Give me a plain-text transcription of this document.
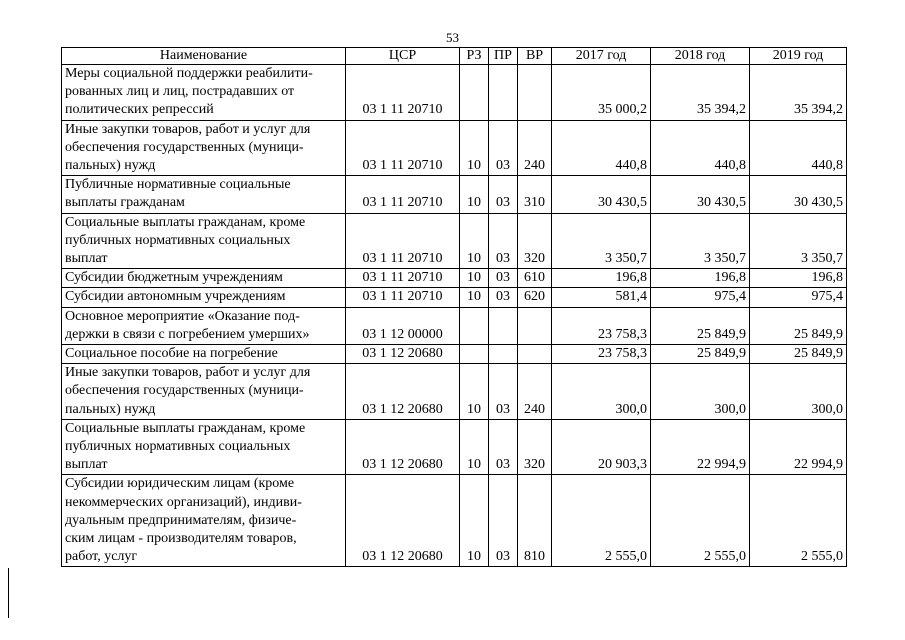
53
Наименование	ЦСР	РЗ	ПР	ВР	2017 год	2018 год	2019 год
Меры социальной поддержки реабилити-
рованных лиц и лиц, пострадавших от
политических репрессий	03 1 11 20710				35 000,2	35 394,2	35 394,2
Иные закупки товаров, работ и услуг для
обеспечения государственных (муници-
пальных) нужд	03 1 11 20710	10	03	240	440,8	440,8	440,8
Публичные нормативные социальные
выплаты гражданам	03 1 11 20710	10	03	310	30 430,5	30 430,5	30 430,5
Социальные выплаты гражданам, кроме
публичных нормативных социальных
выплат	03 1 11 20710	10	03	320	3 350,7	3 350,7	3 350,7
Субсидии бюджетным учреждениям	03 1 11 20710	10	03	610	196,8	196,8	196,8
Субсидии автономным учреждениям	03 1 11 20710	10	03	620	581,4	975,4	975,4
Основное мероприятие «Оказание под-
держки в связи с погребением умерших»	03 1 12 00000				23 758,3	25 849,9	25 849,9
Социальное пособие на погребение	03 1 12 20680				23 758,3	25 849,9	25 849,9
Иные закупки товаров, работ и услуг для
обеспечения государственных (муници-
пальных) нужд	03 1 12 20680	10	03	240	300,0	300,0	300,0
Социальные выплаты гражданам, кроме
публичных нормативных социальных
выплат	03 1 12 20680	10	03	320	20 903,3	22 994,9	22 994,9
Субсидии юридическим лицам (кроме
некоммерческих организаций), индиви-
дуальным предпринимателям, физиче-
ским лицам - производителям товаров,
работ, услуг	03 1 12 20680	10	03	810	2 555,0	2 555,0	2 555,0
